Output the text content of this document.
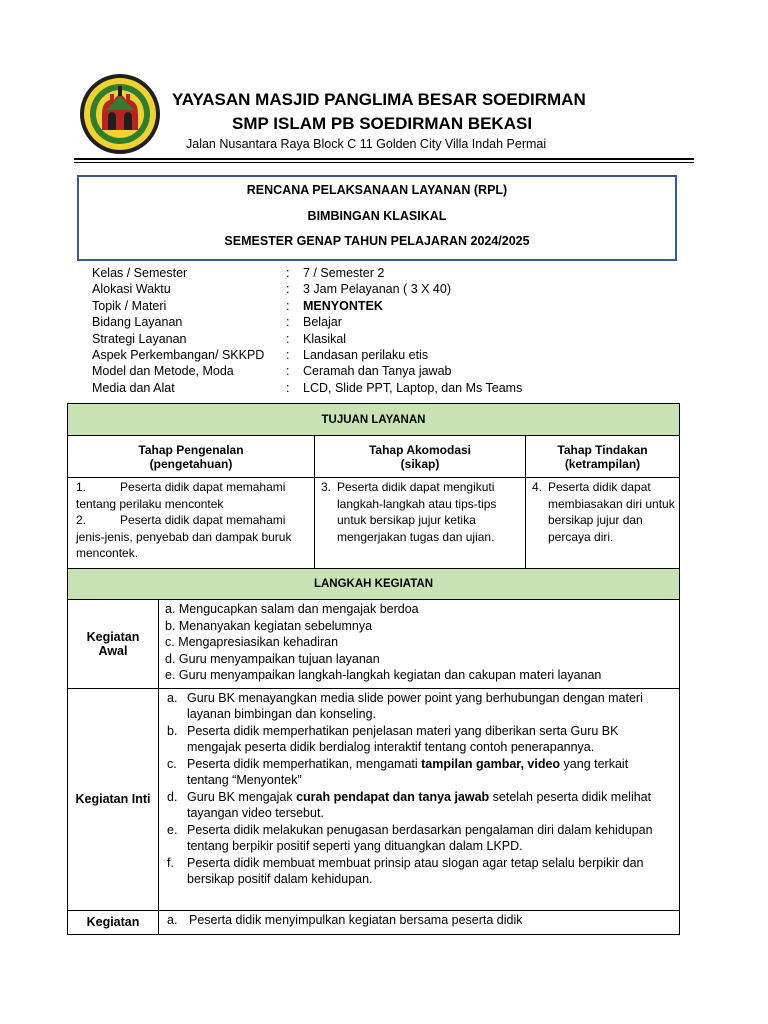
YAYASAN MASJID PANGLIMA BESAR SOEDIRMAN
SMP ISLAM PB SOEDIRMAN BEKASI
Jalan Nusantara Raya Block C 11 Golden City Villa Indah Permai
RENCANA PELAKSANAAN LAYANAN (RPL)
BIMBINGAN KLASIKAL
SEMESTER GENAP TAHUN PELAJARAN 2024/2025
Kelas / Semester	: 7 / Semester 2
Alokasi Waktu	: 3 Jam Pelayanan ( 3 X 40)
Topik / Materi	: MENYONTEK
Bidang Layanan	: Belajar
Strategi Layanan	: Klasikal
Aspek Perkembangan/ SKKPD : Landasan perilaku etis
Model dan Metode, Moda	: Ceramah dan Tanya jawab
Media dan Alat	: LCD, Slide PPT, Laptop, dan Ms Teams
TUJUAN LAYANAN

Tahap Pengenalan
(pengetahuan)

Tahap Akomodasi
(sikap)

Tahap Tindakan
(ketrampilan)

1.	Peserta didik dapat memahami tentang perilaku mencontek
2.	Peserta didik dapat memahami jenis-jenis, penyebab dan dampak buruk mencontek.

3. Peserta didik dapat mengikuti langkah-langkah atau tips-tips untuk bersikap jujur ketika mengerjakan tugas dan ujian.

4. Peserta didik dapat membiasakan diri untuk bersikap jujur dan percaya diri.

LANGKAH KEGIATAN

Kegiatan
Awal

a. Mengucapkan salam dan mengajak berdoa
b. Menanyakan kegiatan sebelumnya
c. Mengapresiasikan kehadiran
d. Guru menyampaikan tujuan layanan
e. Guru menyampaikan langkah-langkah kegiatan dan cakupan materi layanan

Kegiatan Inti	
a. Guru BK menayangkan media slide power point yang berhubungan dengan materi layanan bimbingan dan konseling.
b. Peserta didik memperhatikan penjelasan materi yang diberikan serta Guru BK mengajak peserta didik berdialog interaktif tentang contoh penerapannya.
c. Peserta didik memperhatikan, mengamati tampilan gambar, video yang terkait tentang “Menyontek”
d. Guru BK mengajak curah pendapat dan tanya jawab setelah peserta didik melihat tayangan video tersebut.
e. Peserta didik melakukan penugasan berdasarkan pengalaman diri dalam kehidupan tentang berpikir positif seperti yang dituangkan dalam LKPD.
f. Peserta didik membuat membuat prinsip atau slogan agar tetap selalu berpikir dan bersikap positif dalam kehidupan.

Kegiatan	a. Peserta didik menyimpulkan kegiatan bersama peserta didik
